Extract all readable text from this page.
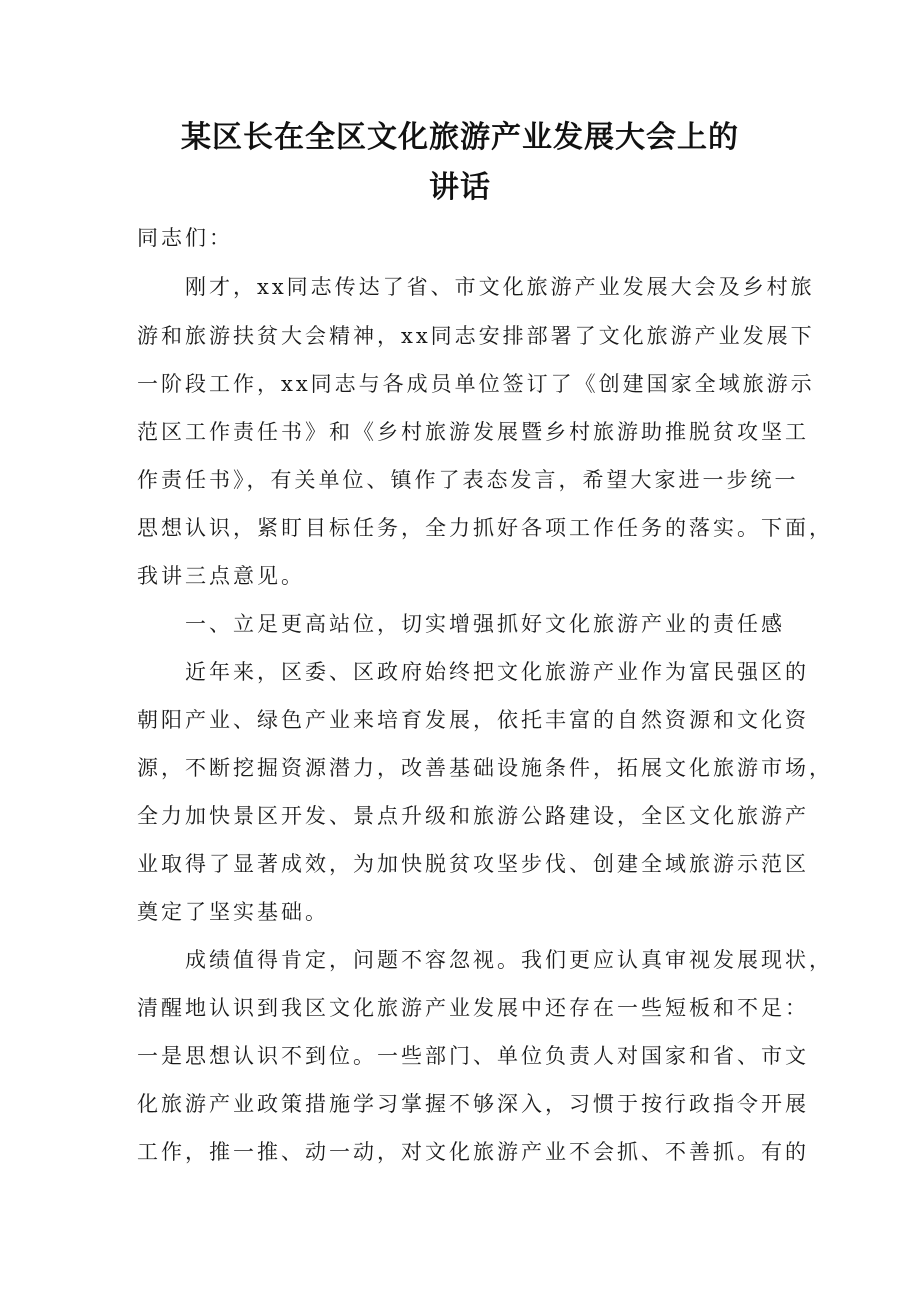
某区长在全区文化旅游产业发展大会上的
讲话
同志们：
刚才，xx同志传达了省、市文化旅游产业发展大会及乡村旅
游和旅游扶贫大会精神，xx同志安排部署了文化旅游产业发展下
一阶段工作，xx同志与各成员单位签订了《创建国家全域旅游示
范区工作责任书》和《乡村旅游发展暨乡村旅游助推脱贫攻坚工
作责任书》，有关单位、镇作了表态发言，希望大家进一步统一
思想认识，紧盯目标任务，全力抓好各项工作任务的落实。下面，
我讲三点意见。
一、立足更高站位，切实增强抓好文化旅游产业的责任感
近年来，区委、区政府始终把文化旅游产业作为富民强区的
朝阳产业、绿色产业来培育发展，依托丰富的自然资源和文化资
源，不断挖掘资源潜力，改善基础设施条件，拓展文化旅游市场，
全力加快景区开发、景点升级和旅游公路建设，全区文化旅游产
业取得了显著成效，为加快脱贫攻坚步伐、创建全域旅游示范区
奠定了坚实基础。
成绩值得肯定，问题不容忽视。我们更应认真审视发展现状，
清醒地认识到我区文化旅游产业发展中还存在一些短板和不足：
一是思想认识不到位。一些部门、单位负责人对国家和省、市文
化旅游产业政策措施学习掌握不够深入，习惯于按行政指令开展
工作，推一推、动一动，对文化旅游产业不会抓、不善抓。有的
